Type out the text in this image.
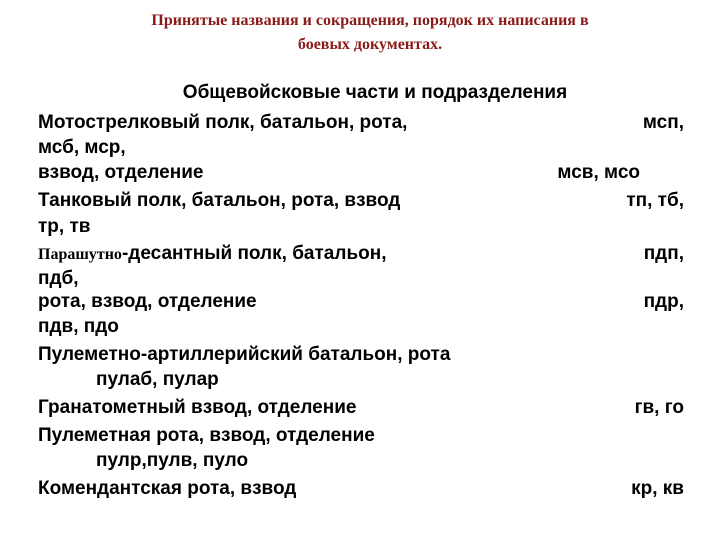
Принятые названия и сокращения, порядок их написания в
боевых документах.
Общевойсковые части и подразделения
Мотострелковый полк, батальон, рота,	мсп,
мсб, мср,
взвод, отделение	мсв, мсо
Танковый полк, батальон, рота, взвод	тп, тб,
тр, тв
Парашутно-десантный полк, батальон,	пдп,
пдб,
рота, взвод, отделение	пдр,
пдв, пдо
Пулеметно-артиллерийский батальон, рота
пулаб, пулар
Гранатометный взвод, отделение	гв, го
Пулеметная рота, взвод, отделение
пулр,пулв, пуло
Комендантская рота, взвод	кр, кв
